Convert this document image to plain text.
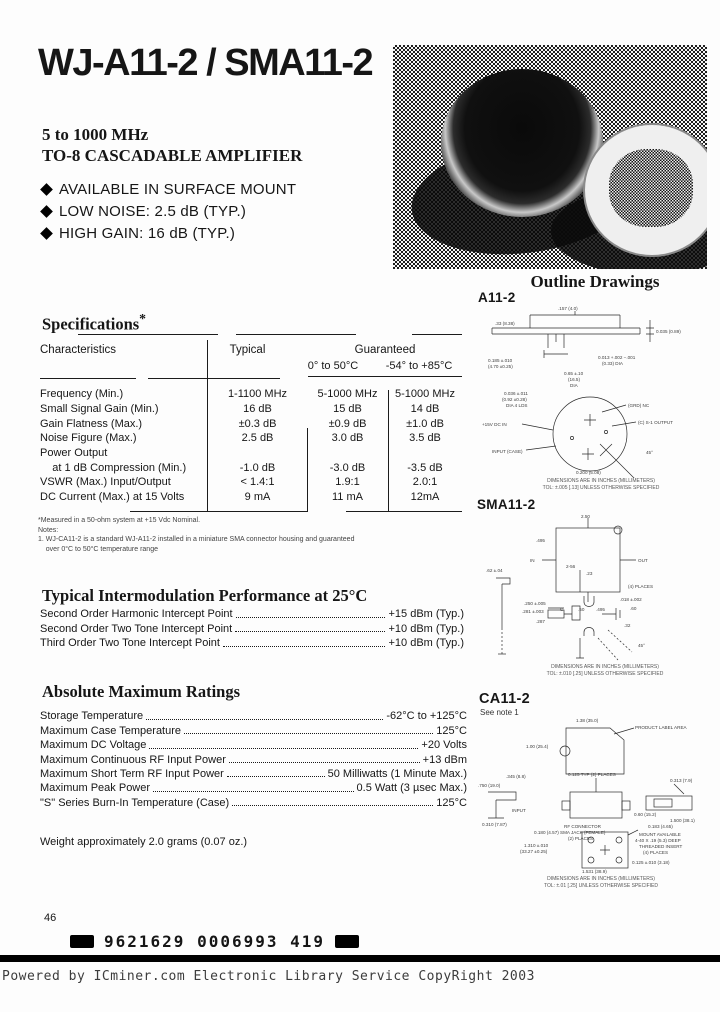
WJ-A11-2 / SMA11-2
5 to 1000 MHz
TO-8 CASCADABLE AMPLIFIER
AVAILABLE IN SURFACE MOUNT
LOW NOISE: 2.5 dB (TYP.)
HIGH GAIN: 16 dB (TYP.)
Outline Drawings
A11-2
.157 (4.0)
.33 (8.38)
0.035 (0.89)
0.185 ±.010
(4.70 ±0.25)
0.013 +.002 −.001
(0.33) DIA
0.65 ±.10
(16.5)
DIA
0.036 ±.011
(0.92 ±0.28)
DIA 4 LDS	(GRD) NC
(C) S-1 OUTPUT
+15V DC IN
INPUT (CASE)
0.200 (5.08)
45°
DIMENSIONS ARE IN INCHES (MILLIMETERS)
TOL: ±.005 [.13] UNLESS OTHERWISE SPECIFIED
SMA11-2
2.50
.495
IN	OUT
C	.50	.495
.62 ±.04
2-56
.250 ±.005
.281 ±.003
.287
.018 ±.002
.60
.32
45°
(4) PLACES
.23
DIMENSIONS ARE IN INCHES (MILLIMETERS)
TOL: ±.010 [.25] UNLESS OTHERWISE SPECIFIED
CA11-2
See note 1
1.38 (35.0)
1.00 (25.4)
PRODUCT LABEL AREA
.345 (8.8)
.750 (19.0)
INPUT
0.310 (7.87)
0.125 TYP (2) PLACES
RF CONNECTOR
SMA JACK (FEMALE)
(2) PLACES
0.313 (7.9)
0.60 (15.2)
1.500 (38.1)
0.183 (4.65)
MOUNT AVAILABLE
4-40 X .19 (5.3) DEEP
THREADED INSERT
(4) PLACES
0.180 (4.57)
1.310 ±.010
(33.27 ±0.25)
1.531 (38.9)
0.125 ±.010 (3.18)
DIMENSIONS ARE IN INCHES (MILLIMETERS)
TOL: ±.01 [.25] UNLESS OTHERWISE SPECIFIED
Specifications*
Characteristics	Typical	Guaranteed
0° to 50°C	-54° to +85°C
Frequency (Min.)	1-1100 MHz	5-1000 MHz	5-1000 MHz
Small Signal Gain (Min.)	16 dB	15 dB	14 dB
Gain Flatness (Max.)	±0.3 dB	±0.9 dB	±1.0 dB
Noise Figure (Max.)	2.5 dB	3.0 dB	3.5 dB
Power Output
at 1 dB Compression (Min.)	-1.0 dB	-3.0 dB	-3.5 dB
VSWR (Max.) Input/Output	< 1.4:1	1.9:1	2.0:1
DC Current (Max.) at 15 Volts	9 mA	11 mA	12mA
*Measured in a 50-ohm system at +15 Vdc Nominal.
Notes:
1. WJ-CA11-2 is a standard WJ-A11-2 installed in a miniature SMA connector housing and guaranteed
over 0°C to 50°C temperature range
Typical Intermodulation Performance at 25°C
Second Order Harmonic Intercept Point	+15 dBm (Typ.)
Second Order Two Tone Intercept Point	+10 dBm (Typ.)
Third Order Two Tone Intercept Point	+10 dBm (Typ.)
Absolute Maximum Ratings
Storage Temperature	-62°C to +125°C
Maximum Case Temperature	125°C
Maximum DC Voltage	+20 Volts
Maximum Continuous RF Input Power	+13 dBm
Maximum Short Term RF Input Power	50 Milliwatts (1 Minute Max.)
Maximum Peak Power	0.5 Watt (3 µsec Max.)
"S" Series Burn-In Temperature (Case)	125°C
Weight approximately 2.0 grams (0.07 oz.)
46
9621629 0006993 419
Powered by ICminer.com Electronic Library Service CopyRight 2003
